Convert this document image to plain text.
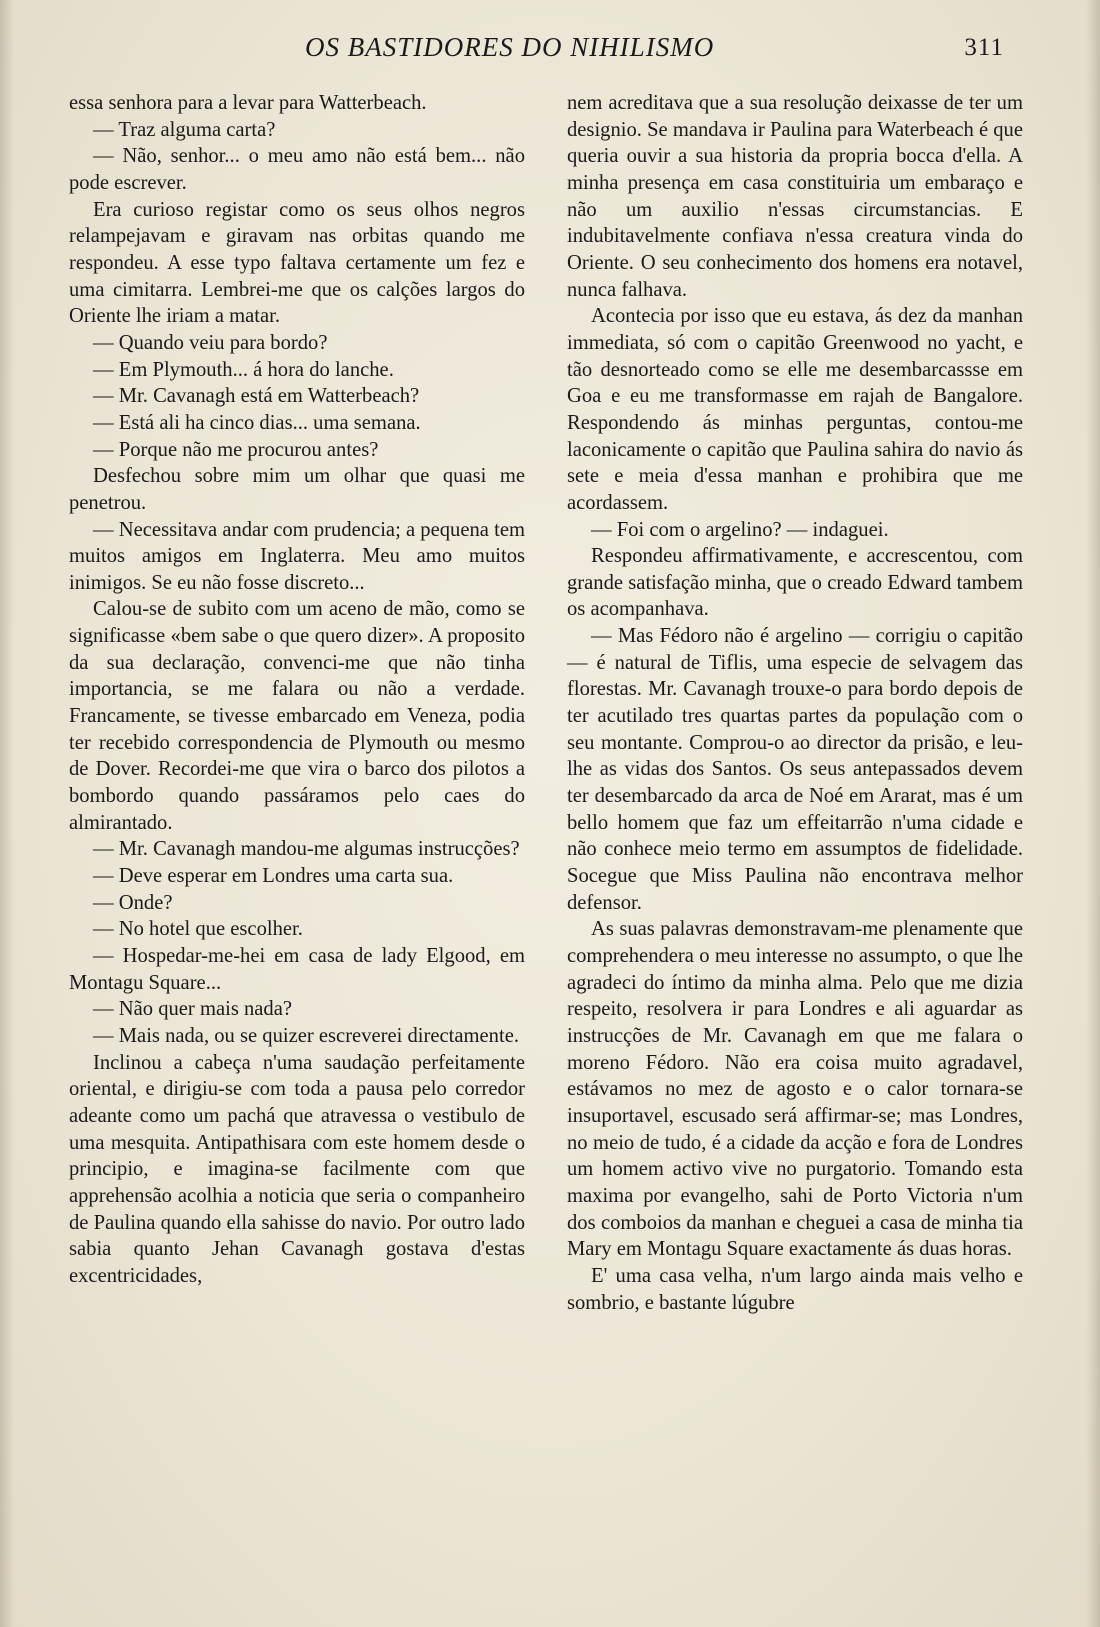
OS BASTIDORES DO NIHILISMO	311

essa senhora para a levar para Watterbeach.

— Traz alguma carta?

— Não, senhor... o meu amo não está bem... não pode escrever.

Era curioso registar como os seus olhos negros relampejavam e giravam nas orbitas quando me respondeu. A esse typo faltava certamente um fez e uma cimitarra. Lembrei-me que os calções largos do Oriente lhe iriam a matar.

— Quando veiu para bordo?

— Em Plymouth... á hora do lanche.

— Mr. Cavanagh está em Watterbeach?

— Está ali ha cinco dias... uma semana.

— Porque não me procurou antes?

Desfechou sobre mim um olhar que quasi me penetrou.

— Necessitava andar com prudencia; a pequena tem muitos amigos em Inglaterra. Meu amo muitos inimigos. Se eu não fosse discreto...

Calou-se de subito com um aceno de mão, como se significasse «bem sabe o que quero dizer». A proposito da sua declaração, convenci-me que não tinha importancia, se me falara ou não a verdade. Francamente, se tivesse embarcado em Veneza, podia ter recebido correspondencia de Plymouth ou mesmo de Dover. Recordei-me que vira o barco dos pilotos a bombordo quando passáramos pelo caes do almirantado.

— Mr. Cavanagh mandou-me algumas instrucções?

— Deve esperar em Londres uma carta sua.

— Onde?

— No hotel que escolher.

— Hospedar-me-hei em casa de lady Elgood, em Montagu Square...

— Não quer mais nada?

— Mais nada, ou se quizer escreverei directamente.

Inclinou a cabeça n'uma saudação perfeitamente oriental, e dirigiu-se com toda a pausa pelo corredor adeante como um pachá que atravessa o vestibulo de uma mesquita. Antipathisara com este homem desde o principio, e imagina-se facilmente com que apprehensão acolhia a noticia que seria o companheiro de Paulina quando ella sahisse do navio. Por outro lado sabia quanto Jehan Cavanagh gostava d'estas excentricidades,

nem acreditava que a sua resolução deixasse de ter um designio. Se mandava ir Paulina para Waterbeach é que queria ouvir a sua historia da propria bocca d'ella. A minha presença em casa constituiria um embaraço e não um auxilio n'essas circumstancias. E indubitavelmente confiava n'essa creatura vinda do Oriente. O seu conhecimento dos homens era notavel, nunca falhava.

Acontecia por isso que eu estava, ás dez da manhan immediata, só com o capitão Greenwood no yacht, e tão desnorteado como se elle me desembarcassse em Goa e eu me transformasse em rajah de Bangalore. Respondendo ás minhas perguntas, contou-me laconicamente o capitão que Paulina sahira do navio ás sete e meia d'essa manhan e prohibira que me acordassem.

— Foi com o argelino? — indaguei.

Respondeu affirmativamente, e accrescentou, com grande satisfação minha, que o creado Edward tambem os acompanhava.

— Mas Fédoro não é argelino — corrigiu o capitão — é natural de Tiflis, uma especie de selvagem das florestas. Mr. Cavanagh trouxe-o para bordo depois de ter acutilado tres quartas partes da população com o seu montante. Comprou-o ao director da prisão, e leu-lhe as vidas dos Santos. Os seus antepassados devem ter desembarcado da arca de Noé em Ararat, mas é um bello homem que faz um effeitarrão n'uma cidade e não conhece meio termo em assumptos de fidelidade. Socegue que Miss Paulina não encontrava melhor defensor.

As suas palavras demonstravam-me plenamente que comprehendera o meu interesse no assumpto, o que lhe agradeci do íntimo da minha alma. Pelo que me dizia respeito, resolvera ir para Londres e ali aguardar as instrucções de Mr. Cavanagh em que me falara o moreno Fédoro. Não era coisa muito agradavel, estávamos no mez de agosto e o calor tornara-se insuportavel, escusado será affirmar-se; mas Londres, no meio de tudo, é a cidade da acção e fora de Londres um homem activo vive no purgatorio. Tomando esta maxima por evangelho, sahi de Porto Victoria n'um dos comboios da manhan e cheguei a casa de minha tia Mary em Montagu Square exactamente ás duas horas.

E' uma casa velha, n'um largo ainda mais velho e sombrio, e bastante lúgubre
